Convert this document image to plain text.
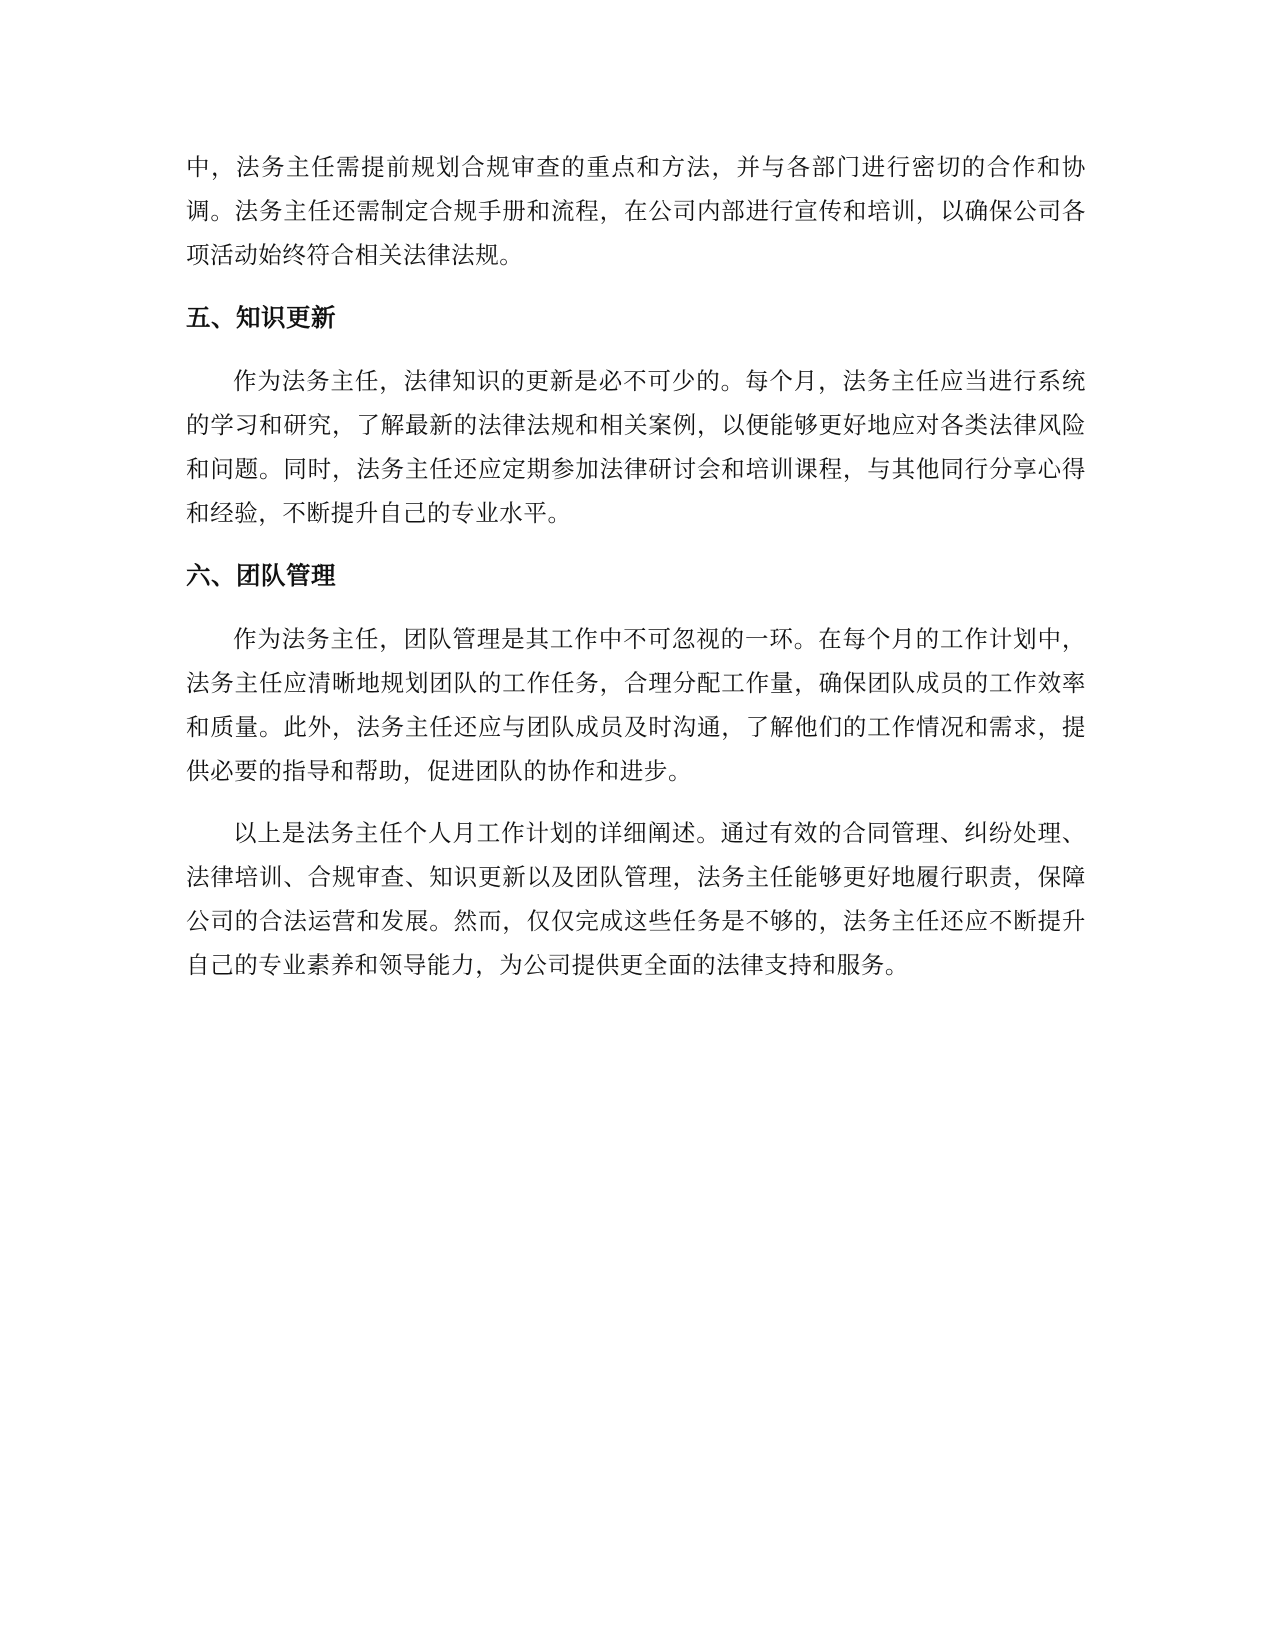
中，法务主任需提前规划合规审查的重点和方法，并与各部门进行密切的合作和协调。法务主任还需制定合规手册和流程，在公司内部进行宣传和培训，以确保公司各项活动始终符合相关法律法规。

五、知识更新

作为法务主任，法律知识的更新是必不可少的。每个月，法务主任应当进行系统的学习和研究，了解最新的法律法规和相关案例，以便能够更好地应对各类法律风险和问题。同时，法务主任还应定期参加法律研讨会和培训课程，与其他同行分享心得和经验，不断提升自己的专业水平。

六、团队管理

作为法务主任，团队管理是其工作中不可忽视的一环。在每个月的工作计划中，法务主任应清晰地规划团队的工作任务，合理分配工作量，确保团队成员的工作效率和质量。此外，法务主任还应与团队成员及时沟通，了解他们的工作情况和需求，提供必要的指导和帮助，促进团队的协作和进步。

以上是法务主任个人月工作计划的详细阐述。通过有效的合同管理、纠纷处理、法律培训、合规审查、知识更新以及团队管理，法务主任能够更好地履行职责，保障公司的合法运营和发展。然而，仅仅完成这些任务是不够的，法务主任还应不断提升自己的专业素养和领导能力，为公司提供更全面的法律支持和服务。
